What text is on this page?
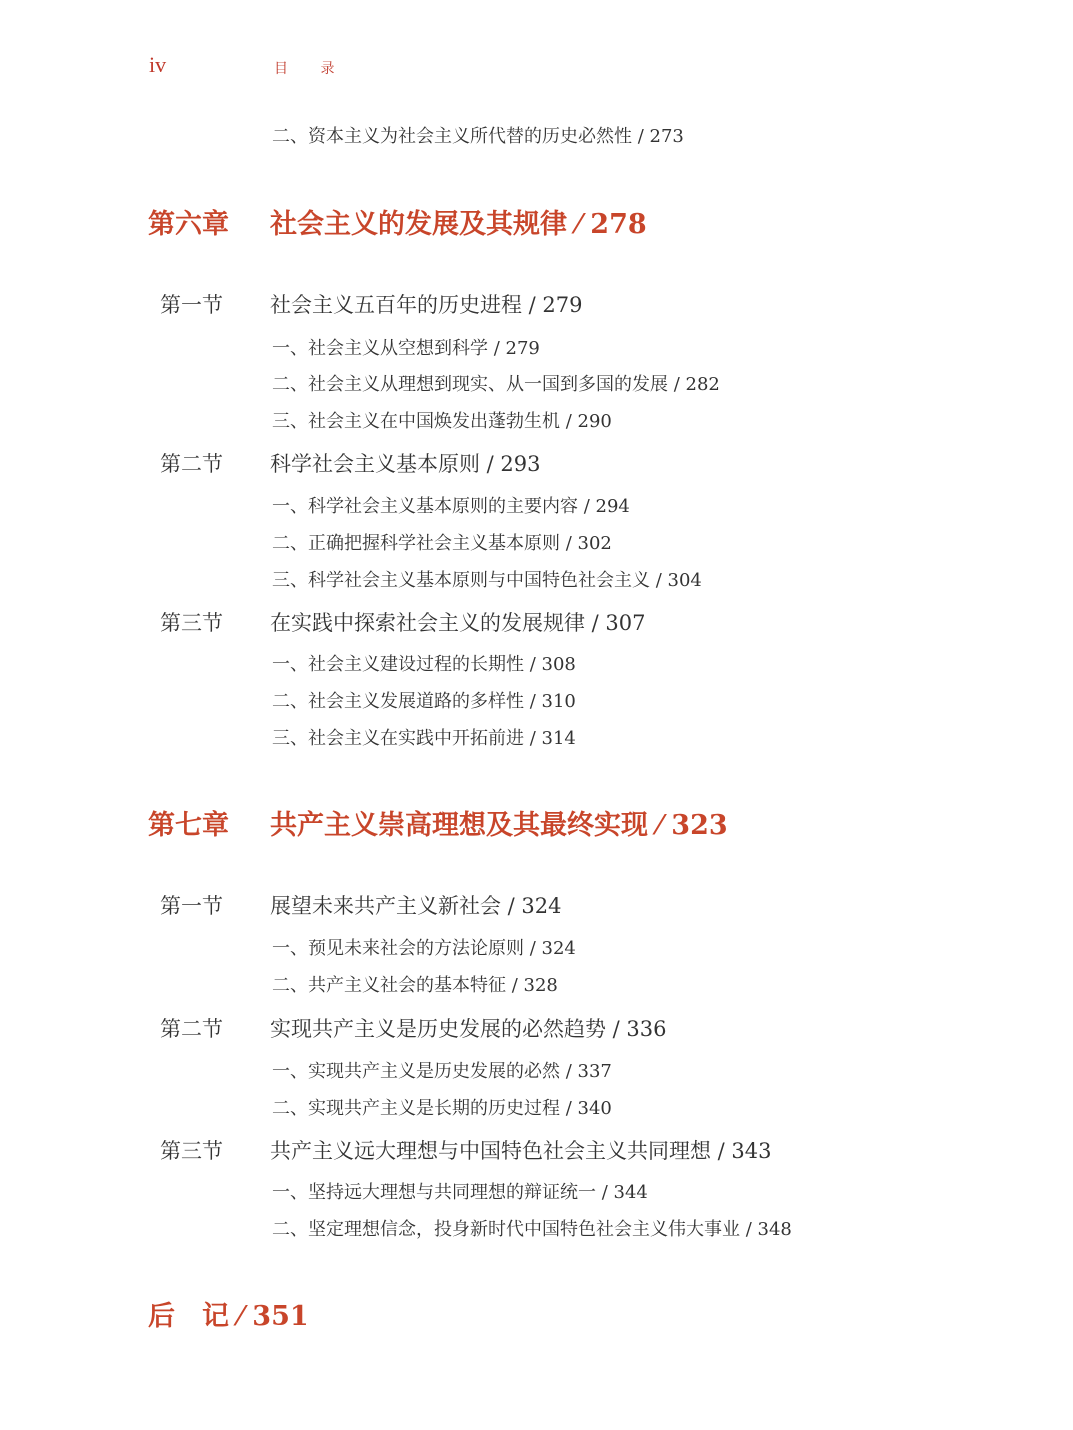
iv	目 录
二、资本主义为社会主义所代替的历史必然性 / 273
第六章 社会主义的发展及其规律 ⁄ 278
第一节 社会主义五百年的历史进程 / 279
一、社会主义从空想到科学 / 279
二、社会主义从理想到现实、从一国到多国的发展 / 282
三、社会主义在中国焕发出蓬勃生机 / 290
第二节 科学社会主义基本原则 / 293
一、科学社会主义基本原则的主要内容 / 294
二、正确把握科学社会主义基本原则 / 302
三、科学社会主义基本原则与中国特色社会主义 / 304
第三节 在实践中探索社会主义的发展规律 / 307
一、社会主义建设过程的长期性 / 308
二、社会主义发展道路的多样性 / 310
三、社会主义在实践中开拓前进 / 314
第七章 共产主义崇高理想及其最终实现 ⁄ 323
第一节 展望未来共产主义新社会 / 324
一、预见未来社会的方法论原则 / 324
二、共产主义社会的基本特征 / 328
第二节 实现共产主义是历史发展的必然趋势 / 336
一、实现共产主义是历史发展的必然 / 337
二、实现共产主义是长期的历史过程 / 340
第三节 共产主义远大理想与中国特色社会主义共同理想 / 343
一、坚持远大理想与共同理想的辩证统一 / 344
二、坚定理想信念，投身新时代中国特色社会主义伟大事业 / 348
后　记 ⁄ 351
